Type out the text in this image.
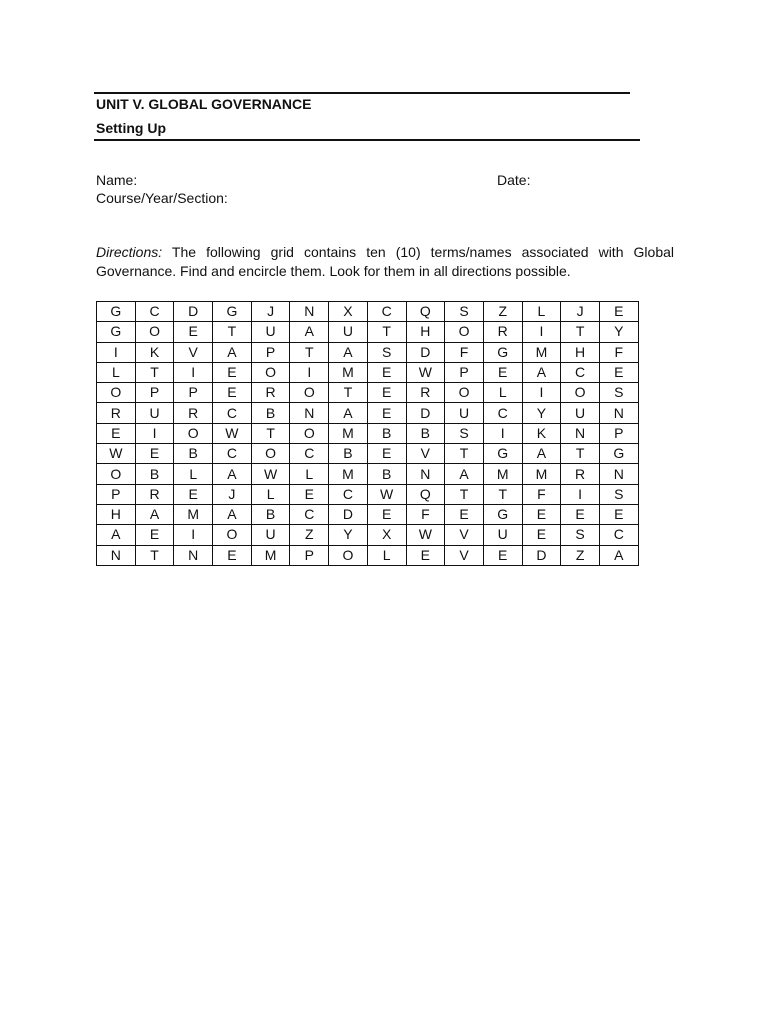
UNIT V. GLOBAL GOVERNANCE
Setting Up
Name:	Date:
Course/Year/Section:
Directions: The following grid contains ten (10) terms/names associated with Global Governance. Find and encircle them. Look for them in all directions possible.
G	C	D	G	J	N	X	C	Q	S	Z	L	J	E
G	O	E	T	U	A	U	T	H	O	R	I	T	Y
I	K	V	A	P	T	A	S	D	F	G	M	H	F
L	T	I	E	O	I	M	E	W	P	E	A	C	E
O	P	P	E	R	O	T	E	R	O	L	I	O	S
R	U	R	C	B	N	A	E	D	U	C	Y	U	N
E	I	O	W	T	O	M	B	B	S	I	K	N	P
W	E	B	C	O	C	B	E	V	T	G	A	T	G
O	B	L	A	W	L	M	B	N	A	M	M	R	N
P	R	E	J	L	E	C	W	Q	T	T	F	I	S
H	A	M	A	B	C	D	E	F	E	G	E	E	E
A	E	I	O	U	Z	Y	X	W	V	U	E	S	C
N	T	N	E	M	P	O	L	E	V	E	D	Z	A
